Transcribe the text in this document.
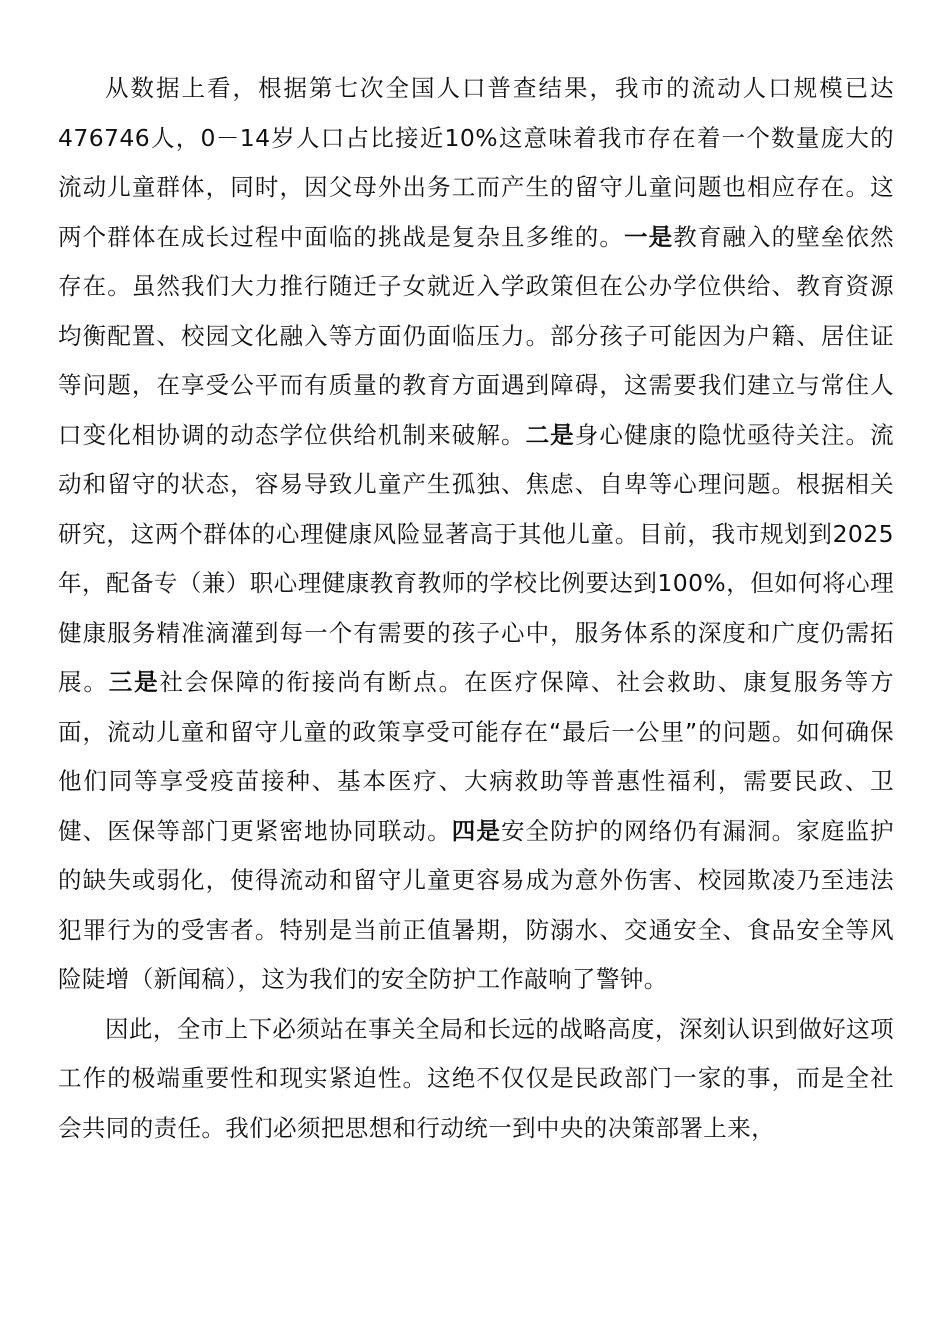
从数据上看，根据第七次全国人口普查结果，我市的流动人口规模已达476746人，0－14岁人口占比接近10%这意味着我市存在着一个数量庞大的流动儿童群体，同时，因父母外出务工而产生的留守儿童问题也相应存在。这两个群体在成长过程中面临的挑战是复杂且多维的。一是教育融入的壁垒依然存在。虽然我们大力推行随迁子女就近入学政策但在公办学位供给、教育资源均衡配置、校园文化融入等方面仍面临压力。部分孩子可能因为户籍、居住证等问题，在享受公平而有质量的教育方面遇到障碍，这需要我们建立与常住人口变化相协调的动态学位供给机制来破解。二是身心健康的隐忧亟待关注。流动和留守的状态，容易导致儿童产生孤独、焦虑、自卑等心理问题。根据相关研究，这两个群体的心理健康风险显著高于其他儿童。目前，我市规划到2025年，配备专（兼）职心理健康教育教师的学校比例要达到100%，但如何将心理健康服务精准滴灌到每一个有需要的孩子心中，服务体系的深度和广度仍需拓展。三是社会保障的衔接尚有断点。在医疗保障、社会救助、康复服务等方面，流动儿童和留守儿童的政策享受可能存在“最后一公里”的问题。如何确保他们同等享受疫苗接种、基本医疗、大病救助等普惠性福利，需要民政、卫健、医保等部门更紧密地协同联动。四是安全防护的网络仍有漏洞。家庭监护的缺失或弱化，使得流动和留守儿童更容易成为意外伤害、校园欺凌乃至违法犯罪行为的受害者。特别是当前正值暑期，防溺水、交通安全、食品安全等风险陡增（新闻稿），这为我们的安全防护工作敲响了警钟。

因此，全市上下必须站在事关全局和长远的战略高度，深刻认识到做好这项工作的极端重要性和现实紧迫性。这绝不仅仅是民政部门一家的事，而是全社会共同的责任。我们必须把思想和行动统一到中央的决策部署上来，
